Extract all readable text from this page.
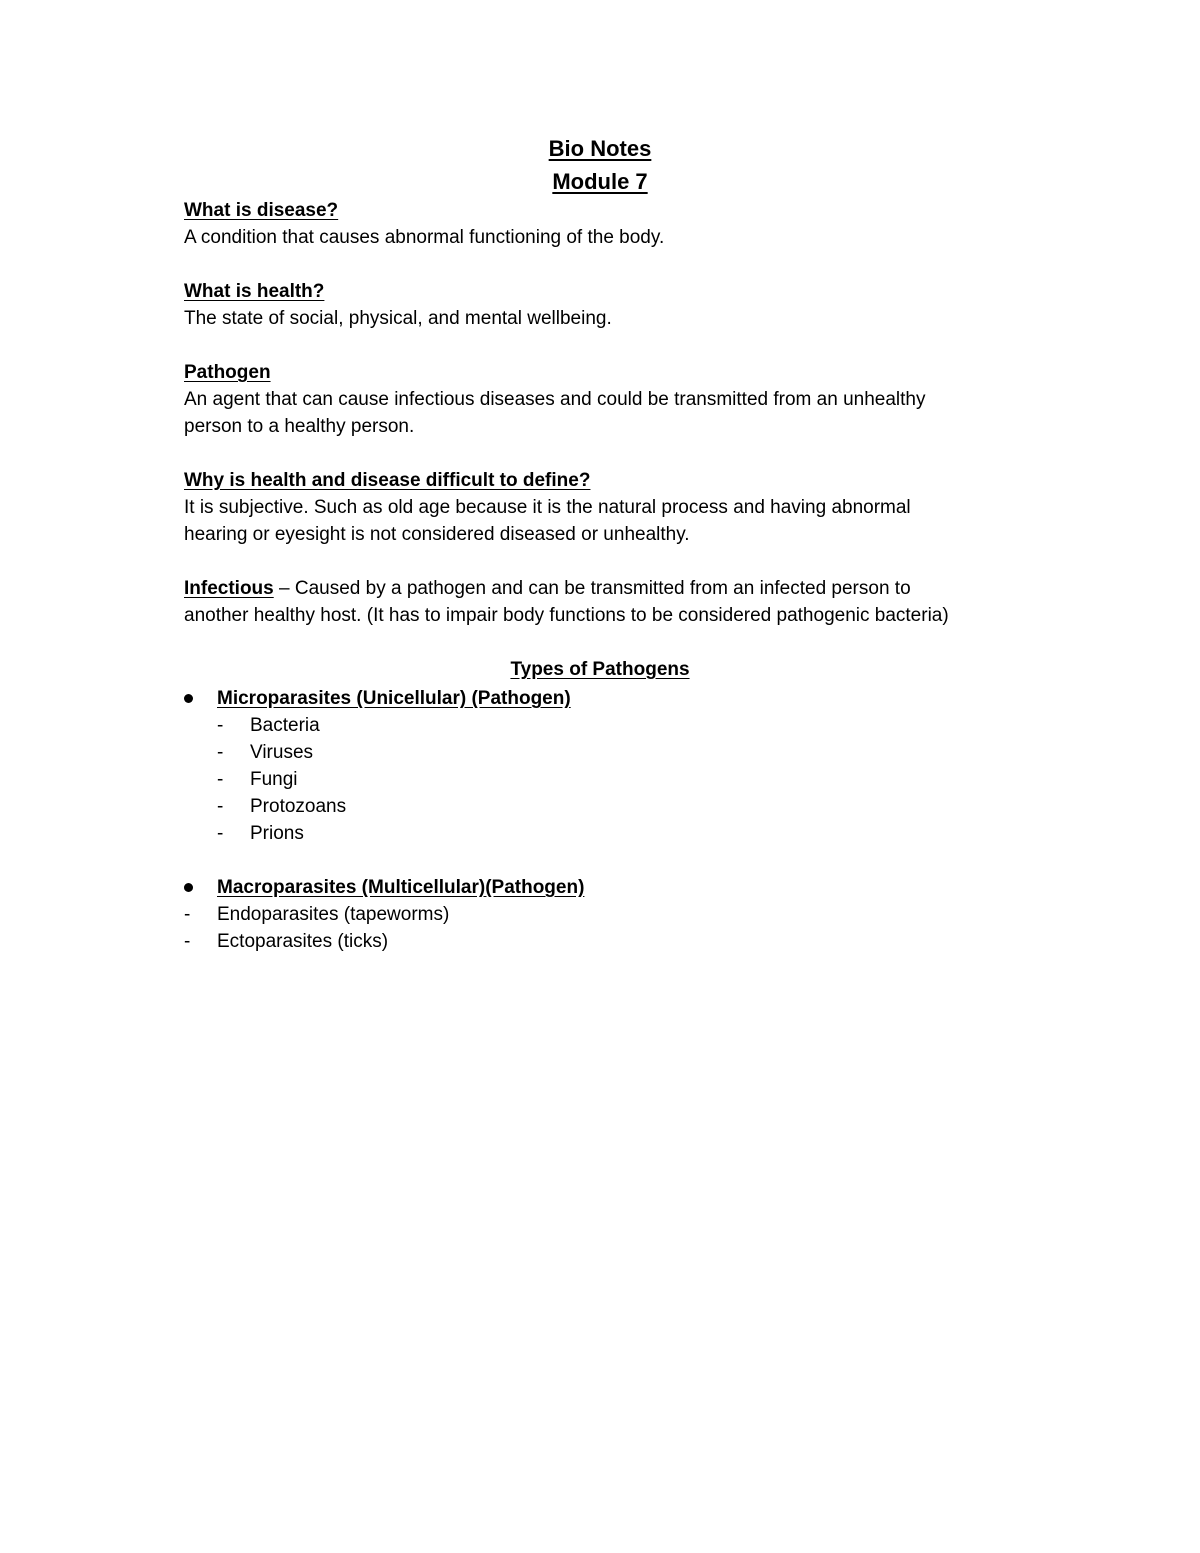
Bio Notes
Module 7
What is disease?
A condition that causes abnormal functioning of the body.
What is health?
The state of social, physical, and mental wellbeing.
Pathogen
An agent that can cause infectious diseases and could be transmitted from an unhealthy
person to a healthy person.
Why is health and disease difficult to define?
It is subjective. Such as old age because it is the natural process and having abnormal
hearing or eyesight is not considered diseased or unhealthy.
Infectious – Caused by a pathogen and can be transmitted from an infected person to
another healthy host. (It has to impair body functions to be considered pathogenic bacteria)
Types of Pathogens
Microparasites (Unicellular) (Pathogen)
- Bacteria
- Viruses
- Fungi
- Protozoans
- Prions
Macroparasites (Multicellular)(Pathogen)
- Endoparasites (tapeworms)
- Ectoparasites (ticks)
